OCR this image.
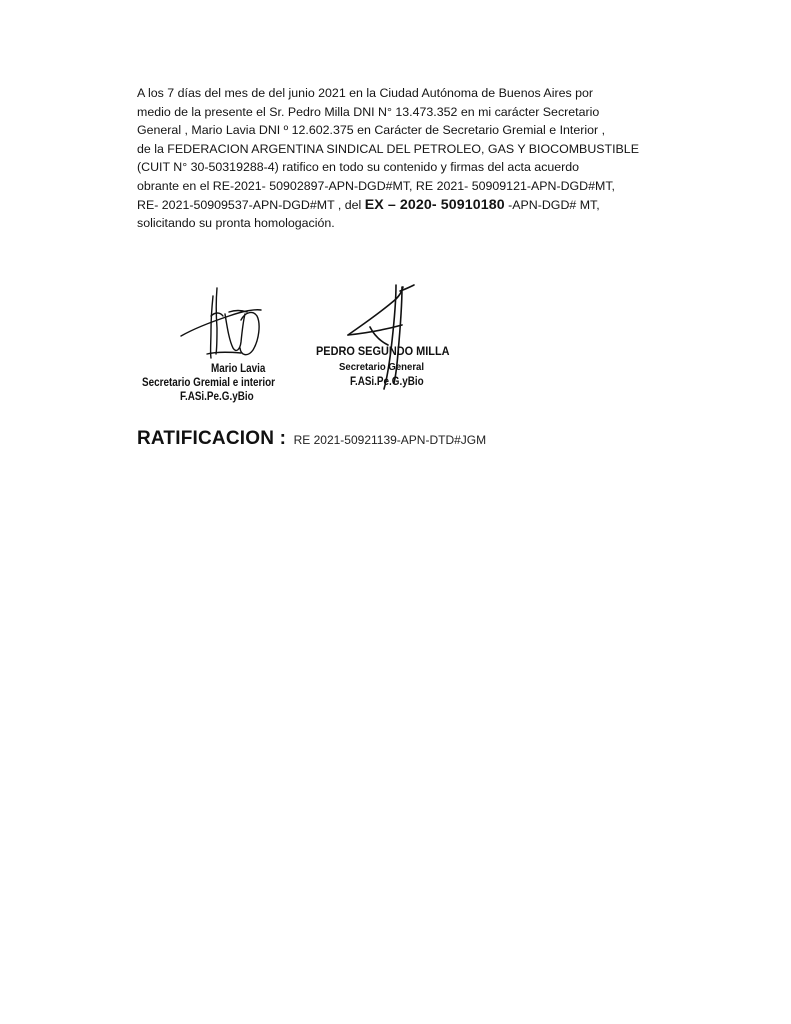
A los 7 días del mes de del junio 2021 en la Ciudad Autónoma de Buenos Aires por
medio de la presente el Sr. Pedro Milla DNI N° 13.473.352 en mi carácter Secretario
General , Mario Lavia DNI º 12.602.375 en Carácter de Secretario Gremial e Interior ,
de la FEDERACION ARGENTINA SINDICAL DEL PETROLEO, GAS Y BIOCOMBUSTIBLE
(CUIT N° 30-50319288-4) ratifico en todo su contenido y firmas del acta acuerdo
obrante en el RE-2021- 50902897-APN-DGD#MT, RE 2021- 50909121-APN-DGD#MT,
RE- 2021-50909537-APN-DGD#MT , del EX – 2020- 50910180 -APN-DGD# MT,
solicitando su pronta homologación.
Mario Lavia
Secretario Gremial e interior
F.ASi.Pe.G.yBio
PEDRO SEGUNDO MILLA
Secretario General
F.ASi.Pe.G.yBio
RATIFICACION : RE 2021-50921139-APN-DTD#JGM
